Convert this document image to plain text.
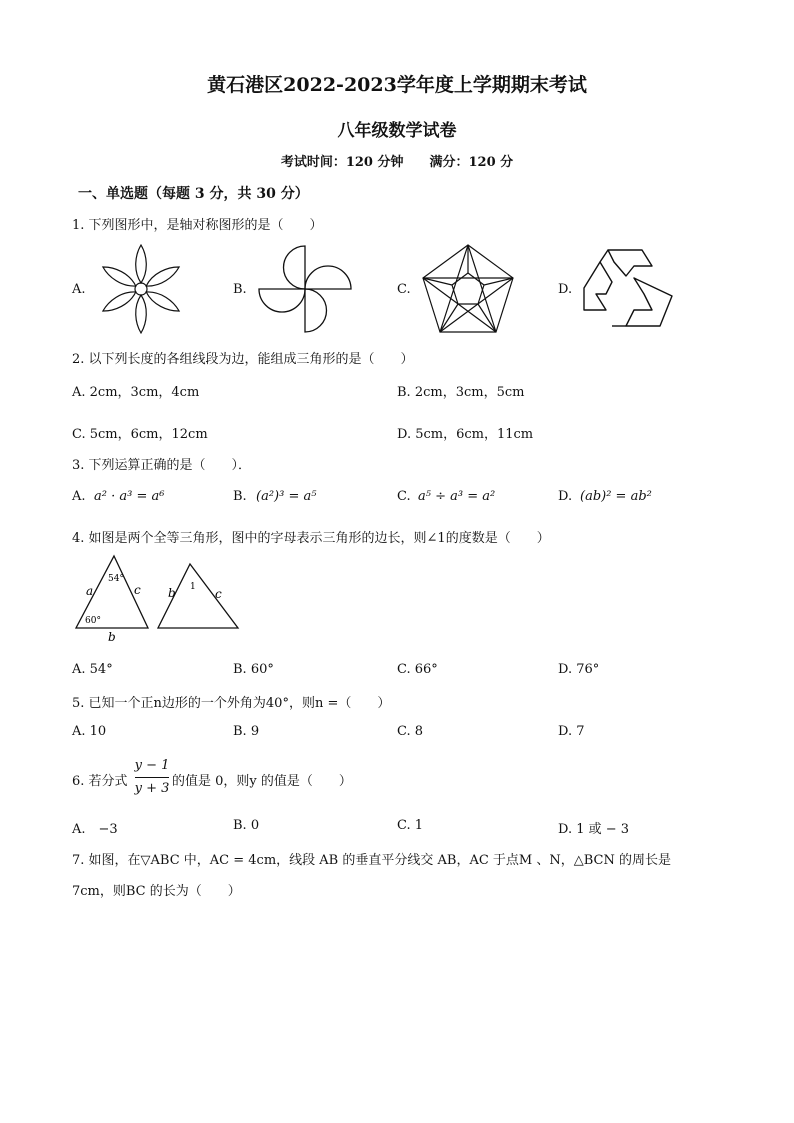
黄石港区2022-2023学年度上学期期末考试
八年级数学试卷
考试时间：120 分钟　　满分：120 分
一、单选题（每题 3 分，共 30 分）
1. 下列图形中，是轴对称图形的是（　　）
A.	B.	C.	D.
2. 以下列长度的各组线段为边，能组成三角形的是（　　）
A. 2cm，3cm，4cm	B. 2cm，3cm，5cm
C. 5cm，6cm，12cm	D. 5cm，6cm，11cm
3. 下列运算正确的是（　　）．
A. a² · a³ = a⁶	B. (a²)³ = a⁵	C. a⁵ ÷ a³ = a²	D. (ab)² = ab²
4. 如图是两个全等三角形，图中的字母表示三角形的边长，则∠1的度数是（　　）
54°
60°
a	c
b
b	c
1
A. 54°	B. 60°	C. 66°	D. 76°
5. 已知一个正n边形的一个外角为40°，则n =（　　）
A. 10	B. 9	C. 8	D. 7
6. 若分式
y − 1
y + 3 的值是 0，则y 的值是（　　）
A.　−3	B. 0	C. 1	D. 1 或 − 3
7. 如图，在▽ABC 中，AC = 4cm，线段 AB 的垂直平分线交 AB，AC 于点M 、N，△BCN 的周长是
7cm，则BC 的长为（　　）
